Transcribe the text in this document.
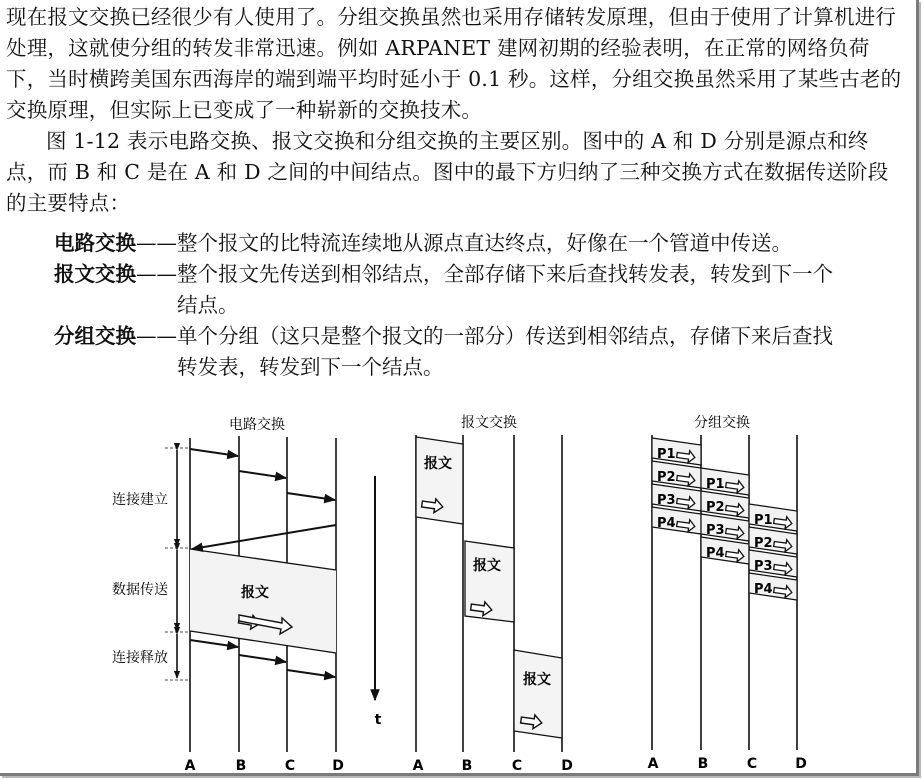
现在报文交换已经很少有人使用了。分组交换虽然也采用存储转发原理，但由于使用了计算机进行处理，这就使分组的转发非常迅速。例如 ARPANET 建网初期的经验表明，在正常的网络负荷下，当时横跨美国东西海岸的端到端平均时延小于 0.1 秒。这样，分组交换虽然采用了某些古老的交换原理，但实际上已变成了一种崭新的交换技术。

图 1-12 表示电路交换、报文交换和分组交换的主要区别。图中的 A 和 D 分别是源点和终点，而 B 和 C 是在 A 和 D 之间的中间结点。图中的最下方归纳了三种交换方式在数据传送阶段的主要特点：

电路交换——整个报文的比特流连续地从源点直达终点，好像在一个管道中传送。
报文交换——整个报文先传送到相邻结点，全部存储下来后查找转发表，转发到下一个
结点。
分组交换——单个分组（这只是整个报文的一部分）传送到相邻结点，存储下来后查找
转发表，转发到下一个结点。
电路交换
报文
连接建立
数据传送
连接释放
A	B	C	D
t
报文交换
报文
报文
报文
A	B	C	D
分组交换
P1
P2
P3
P4
P1
P2
P3
P4
P1
P2
P3
P4
A	B	C	D
